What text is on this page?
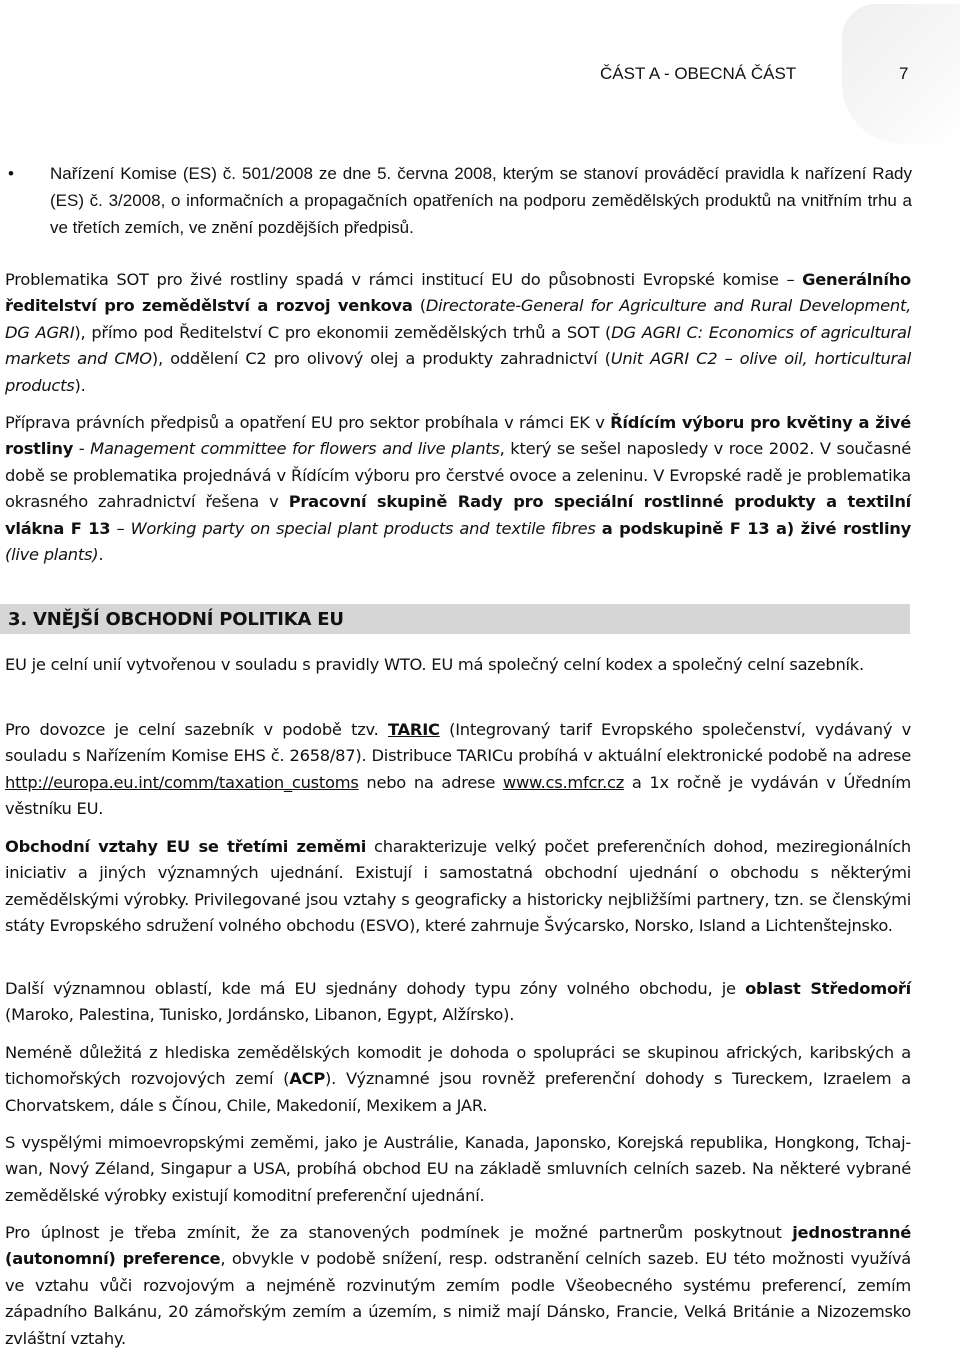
ČÁST A - OBECNÁ ČÁST	7
•	Nařízení Komise (ES) č. 501/2008 ze dne 5. června 2008, kterým se stanoví prováděcí pravidla k nařízení Rady (ES) č. 3/2008, o informačních a propagačních opatřeních na podporu zemědělských produktů na vnitřním trhu a ve třetích zemích, ve znění pozdějších předpisů.
Problematika SOT pro živé rostliny spadá v rámci institucí EU do působnosti Evropské komise – Generálního ředitelství pro zemědělství a rozvoj venkova (Directorate-General for Agriculture and Rural Development, DG AGRI), přímo pod Ředitelství C pro ekonomii zemědělských trhů a SOT (DG AGRI C: Economics of agricultural markets and CMO), oddělení C2 pro olivový olej a produkty zahradnictví (Unit AGRI C2 – olive oil, horticultural products).
Příprava právních předpisů a opatření EU pro sektor probíhala v rámci EK v Řídícím výboru pro květiny a živé rostliny - Management committee for flowers and live plants, který se sešel naposledy v roce 2002. V současné době se problematika projednává v Řídícím výboru pro čerstvé ovoce a zeleninu. V Evropské radě je problematika okrasného zahradnictví řešena v Pracovní skupině Rady pro speciální rostlinné produkty a textilní vlákna F 13 – Working party on special plant products and textile fibres a podskupině F 13 a) živé rostliny (live plants).
3. VNĚJŠÍ OBCHODNÍ POLITIKA EU
EU je celní unií vytvořenou v souladu s pravidly WTO. EU má společný celní kodex a společný celní sazebník.
Pro dovozce je celní sazebník v podobě tzv. TARIC (Integrovaný tarif Evropského společenství, vydávaný v souladu s Nařízením Komise EHS č. 2658/87). Distribuce TARICu probíhá v aktuální elektronické podobě na adrese http://europa.eu.int/comm/taxation_customs nebo na adrese www.cs.mfcr.cz a 1x ročně je vydáván v Úředním věstníku EU.
Obchodní vztahy EU se třetími zeměmi charakterizuje velký počet preferenčních dohod, meziregionálních iniciativ a jiných významných ujednání. Existují i samostatná obchodní ujednání o obchodu s některými zemědělskými výrobky. Privilegované jsou vztahy s geograficky a historicky nejbližšími partnery, tzn. se členskými státy Evropského sdružení volného obchodu (ESVO), které zahrnuje Švýcarsko, Norsko, Island a Lichtenštejnsko.
Další významnou oblastí, kde má EU sjednány dohody typu zóny volného obchodu, je oblast Středomoří (Maroko, Palestina, Tunisko, Jordánsko, Libanon, Egypt, Alžírsko).
Neméně důležitá z hlediska zemědělských komodit je dohoda o spolupráci se skupinou afrických, karibských a tichomořských rozvojových zemí (ACP). Významné jsou rovněž preferenční dohody s Tureckem, Izraelem a Chorvatskem, dále s Čínou, Chile, Makedonií, Mexikem a JAR.
S vyspělými mimoevropskými zeměmi, jako je Austrálie, Kanada, Japonsko, Korejská republika, Hongkong, Tchaj-wan, Nový Zéland, Singapur a USA, probíhá obchod EU na základě smluvních celních sazeb. Na některé vybrané zemědělské výrobky existují komoditní preferenční ujednání.
Pro úplnost je třeba zmínit, že za stanovených podmínek je možné partnerům poskytnout jednostranné (autonomní) preference, obvykle v podobě snížení, resp. odstranění celních sazeb. EU této možnosti využívá ve vztahu vůči rozvojovým a nejméně rozvinutým zemím podle Všeobecného systému preferencí, zemím západního Balkánu, 20 zámořským zemím a územím, s nimiž mají Dánsko, Francie, Velká Británie a Nizozemsko zvláštní vztahy.
